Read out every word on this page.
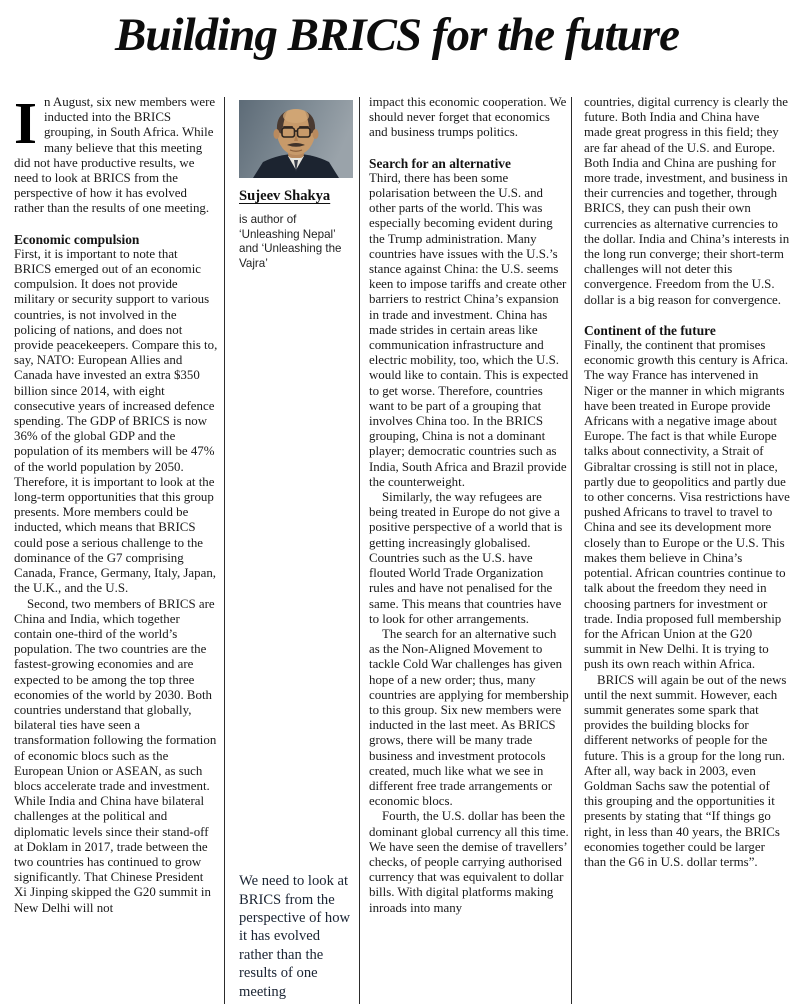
Building BRICS for the future

In August, six new members were inducted into the BRICS grouping, in South Africa. While many believe that this meeting did not have productive results, we need to look at BRICS from the perspective of how it has evolved rather than the results of one meeting.

Economic compulsion

First, it is important to note that BRICS emerged out of an economic compulsion. It does not provide military or security support to various countries, is not involved in the policing of nations, and does not provide peacekeepers. Compare this to, say, NATO: European Allies and Canada have invested an extra $350 billion since 2014, with eight consecutive years of increased defence spending. The GDP of BRICS is now 36% of the global GDP and the population of its members will be 47% of the world population by 2050. Therefore, it is important to look at the long-term opportunities that this group presents. More members could be inducted, which means that BRICS could pose a serious challenge to the dominance of the G7 comprising Canada, France, Germany, Italy, Japan, the U.K., and the U.S.

Second, two members of BRICS are China and India, which together contain one-third of the world’s population. The two countries are the fastest-growing economies and are expected to be among the top three economies of the world by 2030. Both countries understand that globally, bilateral ties have seen a transformation following the formation of economic blocs such as the European Union or ASEAN, as such blocs accelerate trade and investment. While India and China have bilateral challenges at the political and diplomatic levels since their stand-off at Doklam in 2017, trade between the two countries has continued to grow significantly. That Chinese President Xi Jinping skipped the G20 summit in New Delhi will not

Sujeev Shakya
is author of ‘Unleashing Nepal’ and ‘Unleashing the Vajra’
We need to look at BRICS from the perspective of how it has evolved rather than the results of one meeting

impact this economic cooperation. We should never forget that economics and business trumps politics.

Search for an alternative

Third, there has been some polarisation between the U.S. and other parts of the world. This was especially becoming evident during the Trump administration. Many countries have issues with the U.S.’s stance against China: the U.S. seems keen to impose tariffs and create other barriers to restrict China’s expansion in trade and investment. China has made strides in certain areas like communication infrastructure and electric mobility, too, which the U.S. would like to contain. This is expected to get worse. Therefore, countries want to be part of a grouping that involves China too. In the BRICS grouping, China is not a dominant player; democratic countries such as India, South Africa and Brazil provide the counterweight.

Similarly, the way refugees are being treated in Europe do not give a positive perspective of a world that is getting increasingly globalised. Countries such as the U.S. have flouted World Trade Organization rules and have not penalised for the same. This means that countries have to look for other arrangements.

The search for an alternative such as the Non-Aligned Movement to tackle Cold War challenges has given hope of a new order; thus, many countries are applying for membership to this group. Six new members were inducted in the last meet. As BRICS grows, there will be many trade business and investment protocols created, much like what we see in different free trade arrangements or economic blocs.

Fourth, the U.S. dollar has been the dominant global currency all this time. We have seen the demise of travellers’ checks, of people carrying authorised currency that was equivalent to dollar bills. With digital platforms making inroads into many

countries, digital currency is clearly the future. Both India and China have made great progress in this field; they are far ahead of the U.S. and Europe. Both India and China are pushing for more trade, investment, and business in their currencies and together, through BRICS, they can push their own currencies as alternative currencies to the dollar. India and China’s interests in the long run converge; their short-term challenges will not deter this convergence. Freedom from the U.S. dollar is a big reason for convergence.

Continent of the future

Finally, the continent that promises economic growth this century is Africa. The way France has intervened in Niger or the manner in which migrants have been treated in Europe provide Africans with a negative image about Europe. The fact is that while Europe talks about connectivity, a Strait of Gibraltar crossing is still not in place, partly due to geopolitics and partly due to other concerns. Visa restrictions have pushed Africans to travel to travel to China and see its development more closely than to Europe or the U.S. This makes them believe in China’s potential. African countries continue to talk about the freedom they need in choosing partners for investment or trade. India proposed full membership for the African Union at the G20 summit in New Delhi. It is trying to push its own reach within Africa.

BRICS will again be out of the news until the next summit. However, each summit generates some spark that provides the building blocks for different networks of people for the future. This is a group for the long run. After all, way back in 2003, even Goldman Sachs saw the potential of this grouping and the opportunities it presents by stating that “If things go right, in less than 40 years, the BRICs economies together could be larger than the G6 in U.S. dollar terms”.
